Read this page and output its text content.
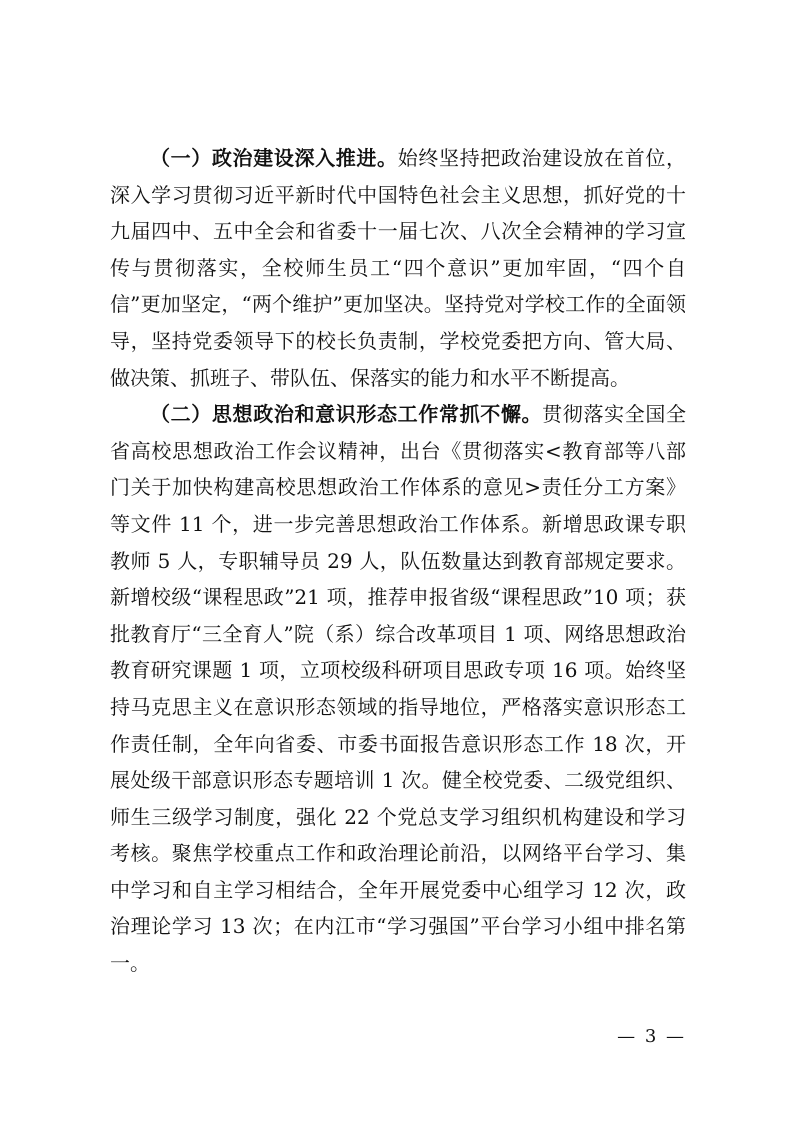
（一）政治建设深入推进。始终坚持把政治建设放在首位，深入学习贯彻习近平新时代中国特色社会主义思想，抓好党的十九届四中、五中全会和省委十一届七次、八次全会精神的学习宣传与贯彻落实，全校师生员工“四个意识”更加牢固，“四个自信”更加坚定，“两个维护”更加坚决。坚持党对学校工作的全面领导，坚持党委领导下的校长负责制，学校党委把方向、管大局、做决策、抓班子、带队伍、保落实的能力和水平不断提高。

（二）思想政治和意识形态工作常抓不懈。贯彻落实全国全省高校思想政治工作会议精神，出台《贯彻落实<教育部等八部门关于加快构建高校思想政治工作体系的意见>责任分工方案》等文件 11 个，进一步完善思想政治工作体系。新增思政课专职教师 5 人，专职辅导员 29 人，队伍数量达到教育部规定要求。新增校级“课程思政”21 项，推荐申报省级“课程思政”10 项；获批教育厅“三全育人”院（系）综合改革项目 1 项、网络思想政治教育研究课题 1 项，立项校级科研项目思政专项 16 项。始终坚持马克思主义在意识形态领域的指导地位，严格落实意识形态工作责任制，全年向省委、市委书面报告意识形态工作 18 次，开展处级干部意识形态专题培训 1 次。健全校党委、二级党组织、师生三级学习制度，强化 22 个党总支学习组织机构建设和学习考核。聚焦学校重点工作和政治理论前沿，以网络平台学习、集中学习和自主学习相结合，全年开展党委中心组学习 12 次，政治理论学习 13 次；在内江市“学习强国”平台学习小组中排名第一。

— 3 —
